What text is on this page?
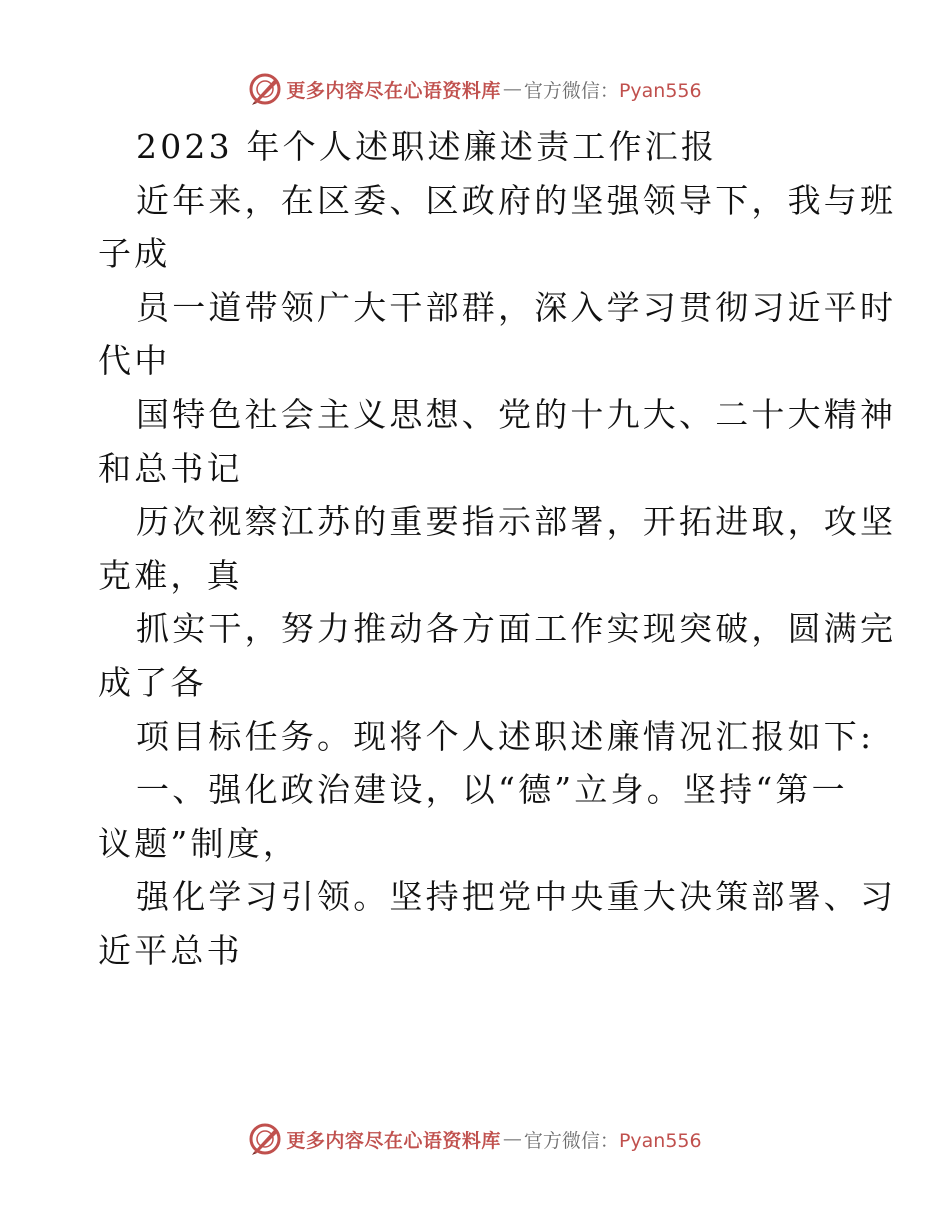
更多内容尽在心语资料库 — 官方微信：Pyan556
2023 年个人述职述廉述责工作汇报
近年来，在区委、区政府的坚强领导下，我与班
子成
员一道带领广大干部群，深入学习贯彻习近平时
代中
国特色社会主义思想、党的十九大、二十大精神
和总书记
历次视察江苏的重要指示部署，开拓进取，攻坚
克难，真
抓实干，努力推动各方面工作实现突破，圆满完
成了各
项目标任务。现将个人述职述廉情况汇报如下:
一、强化政治建设，以“德”立身。坚持“第一
议题”制度，
强化学习引领。坚持把党中央重大决策部署、习
近平总书
更多内容尽在心语资料库 — 官方微信：Pyan556
